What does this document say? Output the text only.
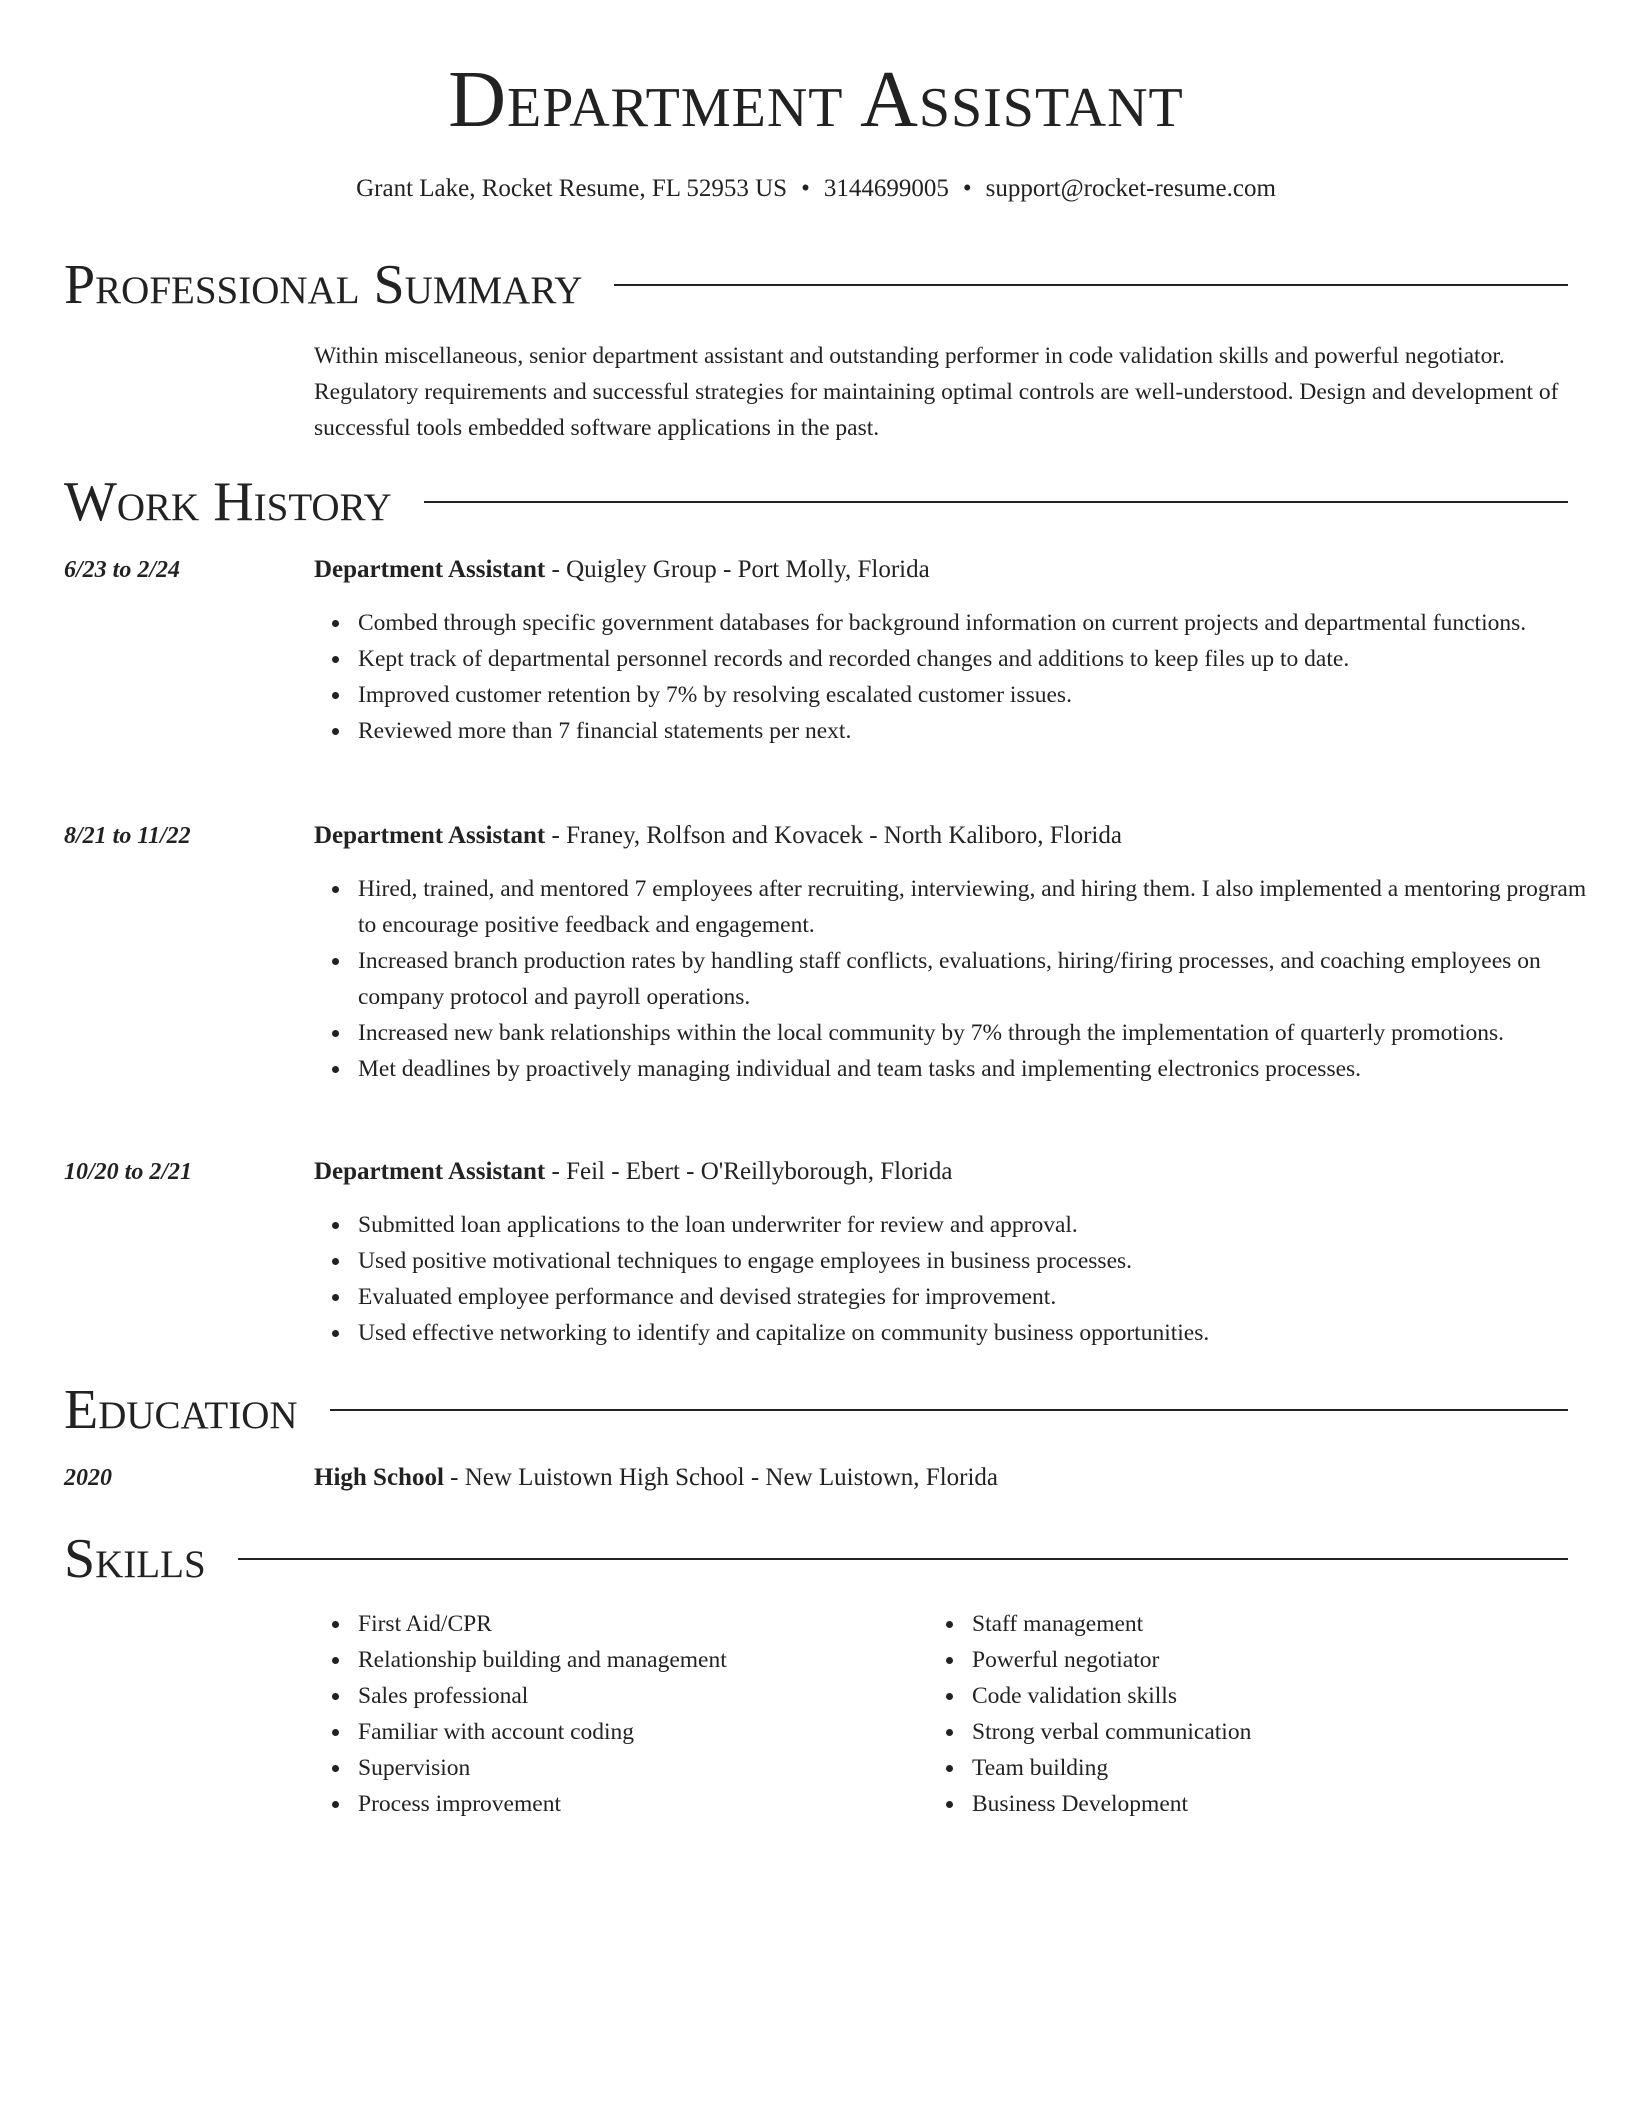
Department Assistant
Grant Lake, Rocket Resume, FL 52953 US • 3144699005 • support@rocket-resume.com
Professional Summary
Within miscellaneous, senior department assistant and outstanding performer in code validation skills and powerful negotiator. Regulatory requirements and successful strategies for maintaining optimal controls are well-understood. Design and development of successful tools embedded software applications in the past.
Work History
6/23 to 2/24	Department Assistant - Quigley Group - Port Molly, Florida
Combed through specific government databases for background information on current projects and departmental functions.
Kept track of departmental personnel records and recorded changes and additions to keep files up to date.
Improved customer retention by 7% by resolving escalated customer issues.
Reviewed more than 7 financial statements per next.
8/21 to 11/22	Department Assistant - Franey, Rolfson and Kovacek - North Kaliboro, Florida
Hired, trained, and mentored 7 employees after recruiting, interviewing, and hiring them. I also implemented a mentoring program to encourage positive feedback and engagement.
Increased branch production rates by handling staff conflicts, evaluations, hiring/firing processes, and coaching employees on company protocol and payroll operations.
Increased new bank relationships within the local community by 7% through the implementation of quarterly promotions.
Met deadlines by proactively managing individual and team tasks and implementing electronics processes.
10/20 to 2/21	Department Assistant - Feil - Ebert - O'Reillyborough, Florida
Submitted loan applications to the loan underwriter for review and approval.
Used positive motivational techniques to engage employees in business processes.
Evaluated employee performance and devised strategies for improvement.
Used effective networking to identify and capitalize on community business opportunities.
Education
2020	High School - New Luistown High School - New Luistown, Florida
Skills
First Aid/CPR
Relationship building and management
Sales professional
Familiar with account coding
Supervision
Process improvement
Staff management
Powerful negotiator
Code validation skills
Strong verbal communication
Team building
Business Development
